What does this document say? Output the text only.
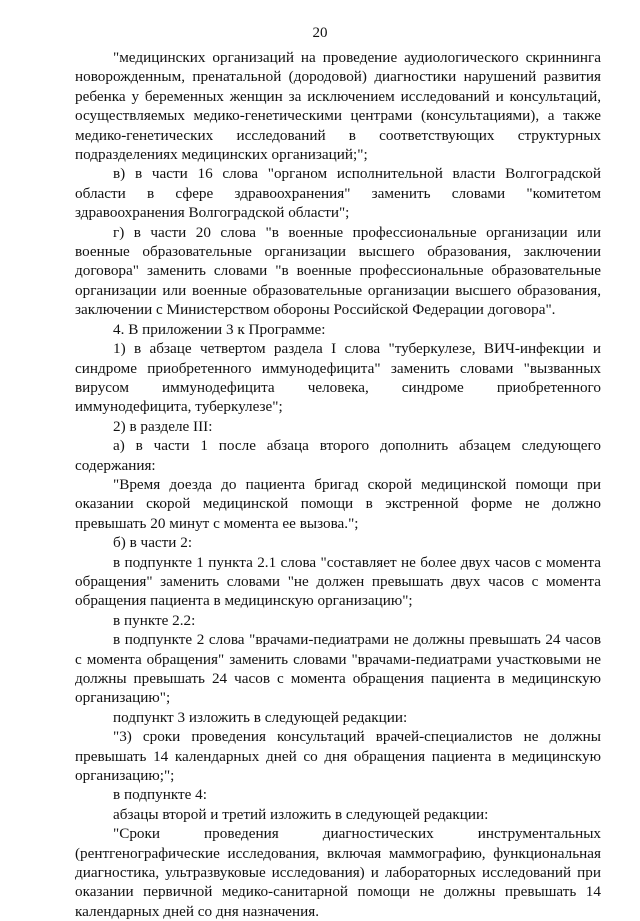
20

"медицинских организаций на проведение аудиологического скриннинга новорожденным, пренатальной (дородовой) диагностики нарушений развития ребенка у беременных женщин за исключением исследований и консультаций, осуществляемых медико-генетическими центрами (консультациями), а также медико-генетических исследований в соответствующих структурных подразделениях медицинских организаций;";

в) в части 16 слова "органом исполнительной власти Волгоградской области в сфере здравоохранения" заменить словами "комитетом здравоохранения Волгоградской области";

г) в части 20 слова "в военные профессиональные организации или военные образовательные организации высшего образования, заключении договора" заменить словами "в военные профессиональные образовательные организации или военные образовательные организации высшего образования, заключении с Министерством обороны Российской Федерации договора".

4. В приложении 3 к Программе:

1) в абзаце четвертом раздела I слова "туберкулезе, ВИЧ-инфекции и синдроме приобретенного иммунодефицита" заменить словами "вызванных вирусом иммунодефицита человека, синдроме приобретенного иммунодефицита, туберкулезе";

2) в разделе III:

а) в части 1 после абзаца второго дополнить абзацем следующего содержания:

"Время доезда до пациента бригад скорой медицинской помощи при оказании скорой медицинской помощи в экстренной форме не должно превышать 20 минут с момента ее вызова.";

б) в части 2:

в подпункте 1 пункта 2.1 слова "составляет не более двух часов с момента обращения" заменить словами "не должен превышать двух часов с момента обращения пациента в медицинскую организацию";

в пункте 2.2:

в подпункте 2 слова "врачами-педиатрами не должны превышать 24 часов с момента обращения" заменить словами "врачами-педиатрами участковыми не должны превышать 24 часов с момента обращения пациента в медицинскую организацию";

подпункт 3 изложить в следующей редакции:

"3) сроки проведения консультаций врачей-специалистов не должны превышать 14 календарных дней со дня обращения пациента в медицинскую организацию;";

в подпункте 4:

абзацы второй и третий изложить в следующей редакции:

"Сроки проведения диагностических инструментальных (рентгенографические исследования, включая маммографию, функциональная диагностика, ультразвуковые исследования) и лабораторных исследований при оказании первичной медико-санитарной помощи не должны превышать 14 календарных дней со дня назначения.
